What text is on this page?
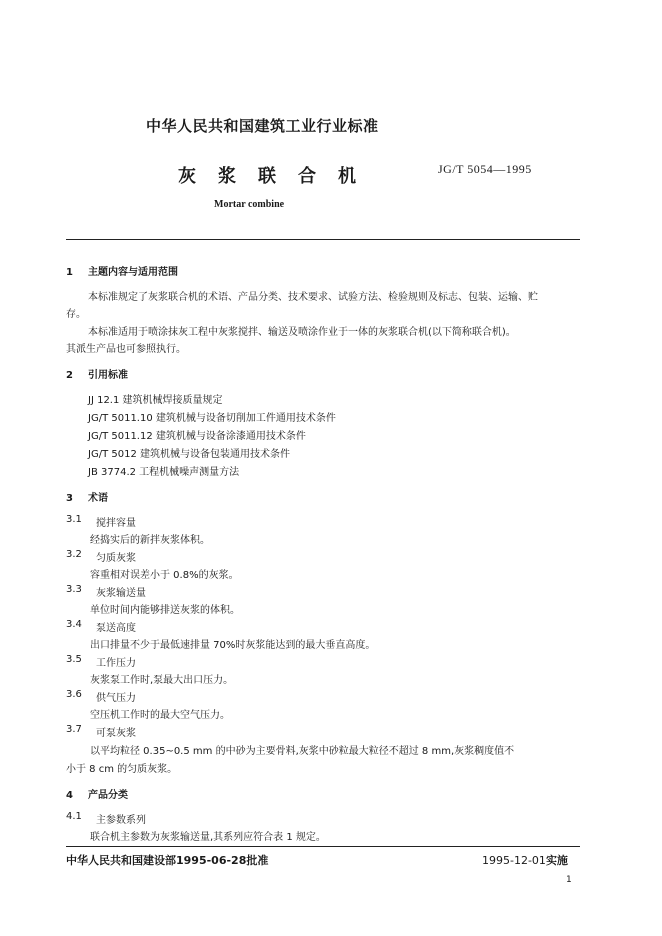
中华人民共和国建筑工业行业标准
灰浆联合机	JG/T 5054—1995
Mortar combine
1 主题内容与适用范围
本标准规定了灰浆联合机的术语、产品分类、技术要求、试验方法、检验规则及标志、包装、运输、贮
存。
本标准适用于喷涂抹灰工程中灰浆搅拌、输送及喷涂作业于一体的灰浆联合机(以下简称联合机)。
其派生产品也可参照执行。
2 引用标准
JJ 12.1 建筑机械焊接质量规定
JG/T 5011.10 建筑机械与设备切削加工件通用技术条件
JG/T 5011.12 建筑机械与设备涂漆通用技术条件
JG/T 5012 建筑机械与设备包装通用技术条件
JB 3774.2 工程机械噪声测量方法
3 术语
3.1	搅拌容量
经捣实后的新拌灰浆体积。
3.2	匀质灰浆
容重相对误差小于 0.8%的灰浆。
3.3	灰浆输送量
单位时间内能够排送灰浆的体积。
3.4	泵送高度
出口排量不少于最低速排量 70%时灰浆能达到的最大垂直高度。
3.5	工作压力
灰浆泵工作时,泵最大出口压力。
3.6	供气压力
空压机工作时的最大空气压力。
3.7	可泵灰浆
以平均粒径 0.35~0.5 mm 的中砂为主要骨料,灰浆中砂粒最大粒径不超过 8 mm,灰浆稠度值不
小于 8 cm 的匀质灰浆。
4 产品分类
4.1	主参数系列
联合机主参数为灰浆输送量,其系列应符合表 1 规定。
中华人民共和国建设部1995-06-28批准	1995-12-01实施
1
